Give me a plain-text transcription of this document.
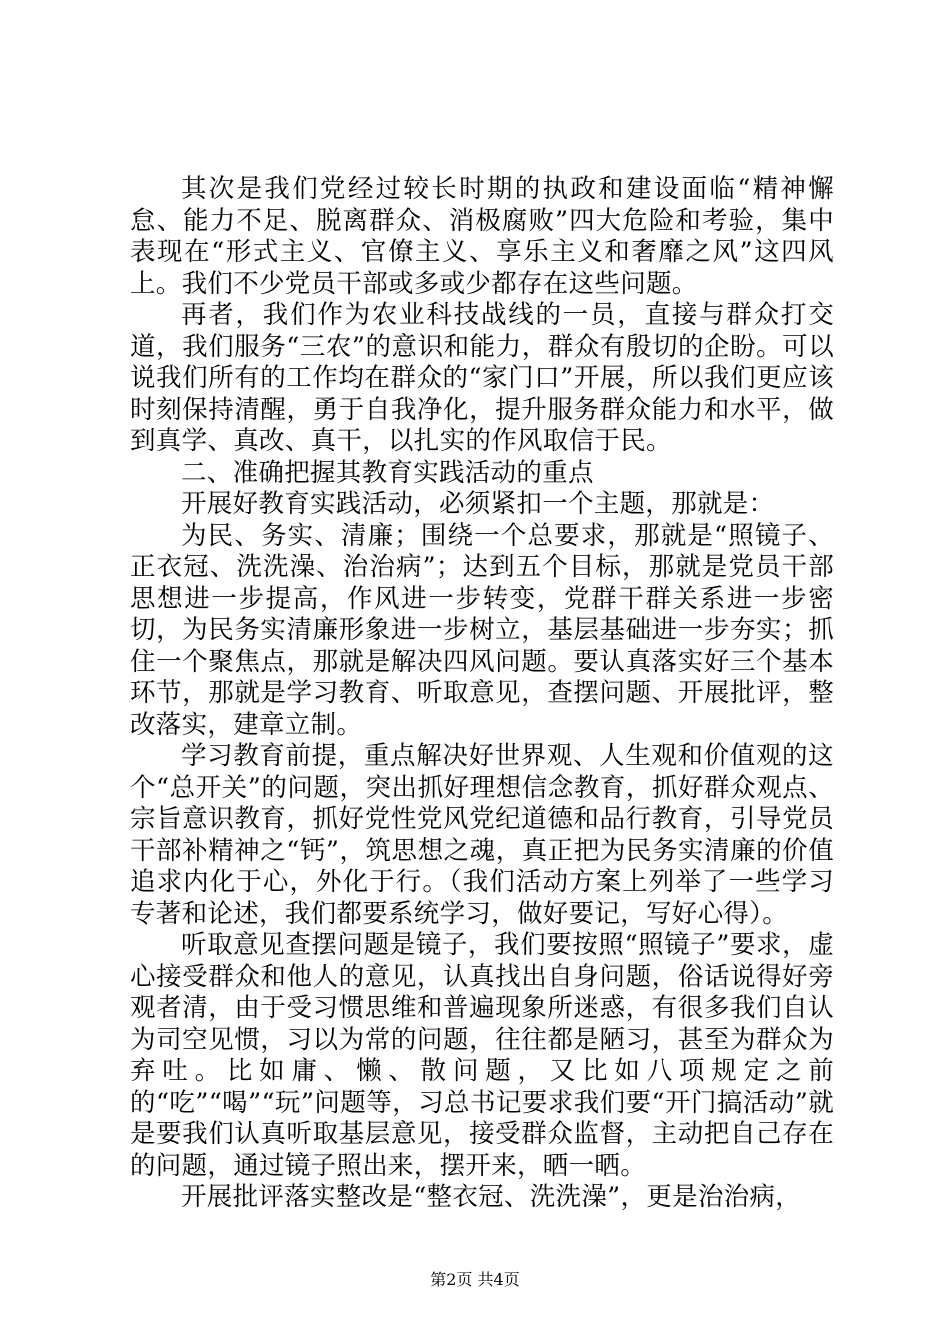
其次是我们党经过较长时期的执政和建设面临“精神懈怠、能力不足、脱离群众、消极腐败”四大危险和考验，集中表现在“形式主义、官僚主义、享乐主义和奢靡之风”这四风上。我们不少党员干部或多或少都存在这些问题。

再者，我们作为农业科技战线的一员，直接与群众打交道，我们服务“三农”的意识和能力，群众有殷切的企盼。可以说我们所有的工作均在群众的“家门口”开展，所以我们更应该时刻保持清醒，勇于自我净化，提升服务群众能力和水平，做到真学、真改、真干，以扎实的作风取信于民。

二、准确把握其教育实践活动的重点

开展好教育实践活动，必须紧扣一个主题，那就是：

为民、务实、清廉；围绕一个总要求，那就是“照镜子、正衣冠、洗洗澡、治治病”；达到五个目标，那就是党员干部思想进一步提高，作风进一步转变，党群干群关系进一步密切，为民务实清廉形象进一步树立，基层基础进一步夯实；抓住一个聚焦点，那就是解决四风问题。要认真落实好三个基本环节，那就是学习教育、听取意见，查摆问题、开展批评，整改落实，建章立制。

学习教育前提，重点解决好世界观、人生观和价值观的这个“总开关”的问题，突出抓好理想信念教育，抓好群众观点、宗旨意识教育，抓好党性党风党纪道德和品行教育，引导党员干部补精神之“钙”，筑思想之魂，真正把为民务实清廉的价值追求内化于心，外化于行。（我们活动方案上列举了一些学习专著和论述，我们都要系统学习，做好要记，写好心得）。

听取意见查摆问题是镜子，我们要按照“照镜子”要求，虚心接受群众和他人的意见，认真找出自身问题，俗话说得好旁观者清，由于受习惯思维和普遍现象所迷惑，有很多我们自认为司空见惯，习以为常的问题，往往都是陋习，甚至为群众为弃吐。比如庸、懒、散问题，又比如八项规定之前的“吃”“喝”“玩”问题等，习总书记要求我们要“开门搞活动”就是要我们认真听取基层意见，接受群众监督，主动把自己存在的问题，通过镜子照出来，摆开来，晒一晒。

开展批评落实整改是“整衣冠、洗洗澡”，更是治治病，

第2页 共4页
